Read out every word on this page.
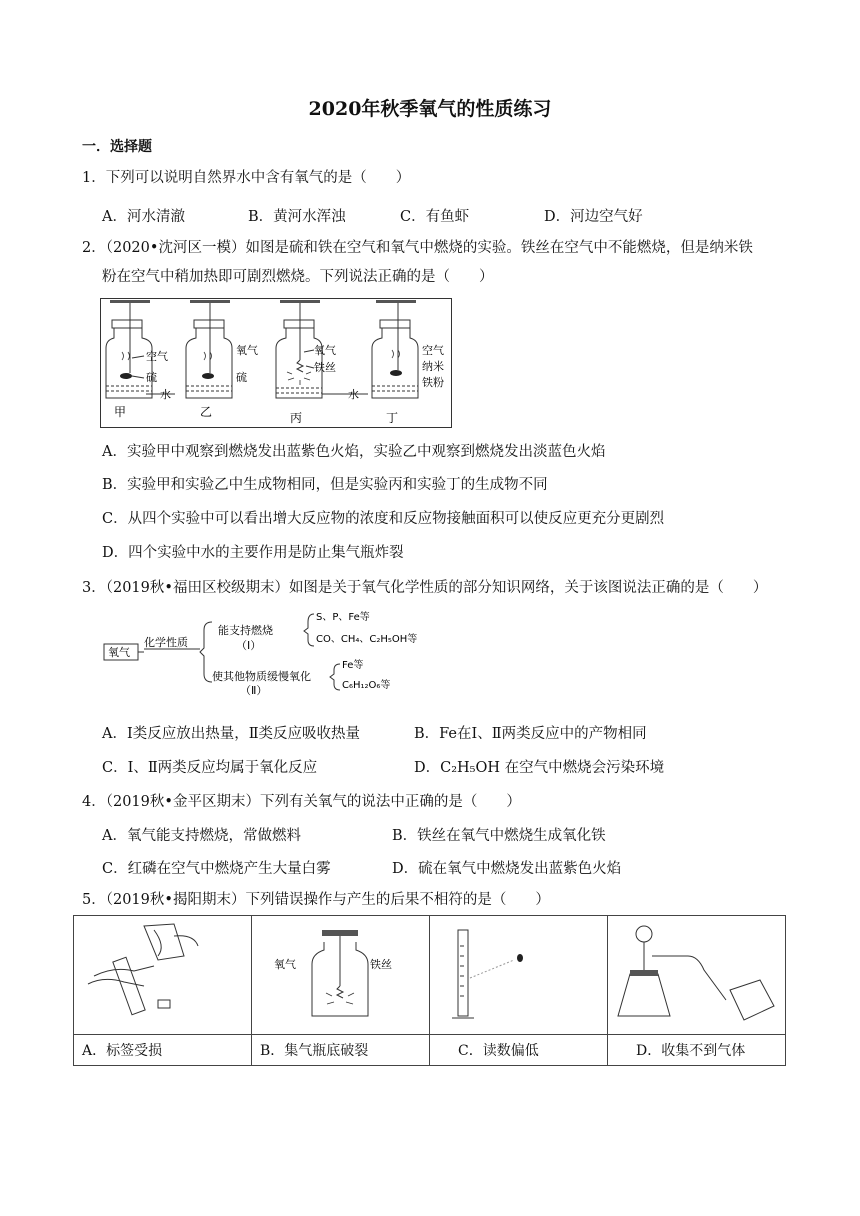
2020年秋季氧气的性质练习
一．选择题
1．下列可以说明自然界水中含有氧气的是（　　）
A．河水清澈	B．黄河水浑浊	C．有鱼虾	D．河边空气好
2．（2020•沈河区一模）如图是硫和铁在空气和氧气中燃烧的实验。铁丝在空气中不能燃烧，但是纳米铁
粉在空气中稍加热即可剧烈燃烧。下列说法正确的是（　　）
空气
硫
甲
水
氧气
硫
乙
氧气
铁丝
丙
水
空气
纳米
铁粉
丁
A．实验甲中观察到燃烧发出蓝紫色火焰，实验乙中观察到燃烧发出淡蓝色火焰
B．实验甲和实验乙中生成物相同，但是实验丙和实验丁的生成物不同
C．从四个实验中可以看出增大反应物的浓度和反应物接触面积可以使反应更充分更剧烈
D．四个实验中水的主要作用是防止集气瓶炸裂
3．（2019秋•福田区校级期末）如图是关于氧气化学性质的部分知识网络，关于该图说法正确的是（　　）
氧气
化学性质
能支持燃烧
（Ⅰ）
S、P、Fe等
CO、CH₄、C₂H₅OH等
使其他物质缓慢氧化
（Ⅱ）
Fe等
C₆H₁₂O₆等
A．I类反应放出热量，Ⅱ类反应吸收热量	B．Fe在I、Ⅱ两类反应中的产物相同
C．I、Ⅱ两类反应均属于氧化反应	D．C₂H₅OH 在空气中燃烧会污染环境
4．（2019秋•金平区期末）下列有关氧气的说法中正确的是（　　）
A．氧气能支持燃烧，常做燃料	B．铁丝在氧气中燃烧生成氧化铁
C．红磷在空气中燃烧产生大量白雾	D．硫在氧气中燃烧发出蓝紫色火焰
5．（2019秋•揭阳期末）下列错误操作与产生的后果不相符的是（　　）

氧气 铁丝

A．标签受损	B．集气瓶底破裂	C．读数偏低	D．收集不到气体
